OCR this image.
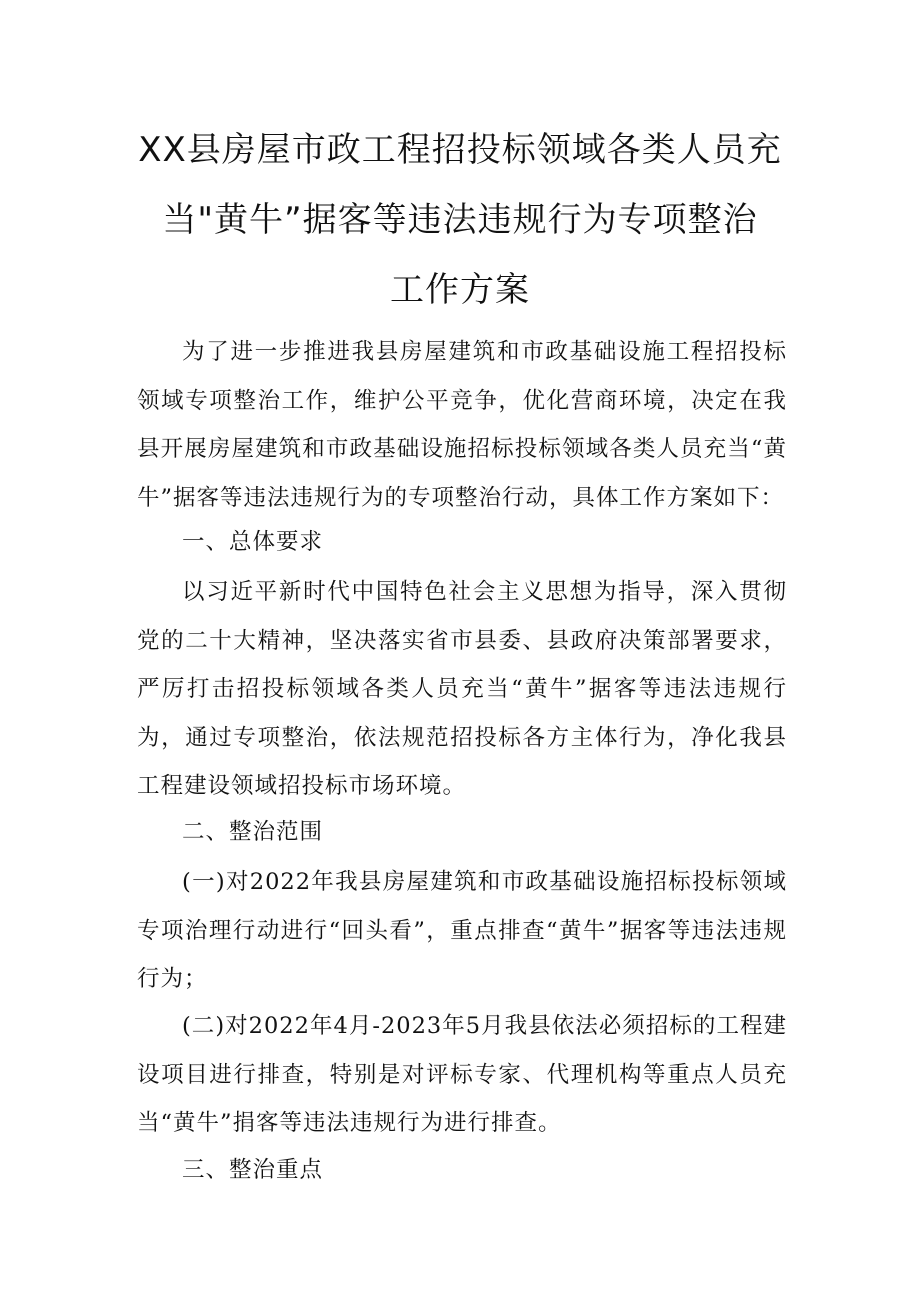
XX县房屋市政工程招投标领域各类人员充
当"黄牛”据客等违法违规行为专项整治
工作方案

为了进一步推进我县房屋建筑和市政基础设施工程招投标领域专项整治工作，维护公平竞争，优化营商环境，决定在我县开展房屋建筑和市政基础设施招标投标领域各类人员充当“黄牛”据客等违法违规行为的专项整治行动，具体工作方案如下：

一、总体要求

以习近平新时代中国特色社会主义思想为指导，深入贯彻党的二十大精神，坚决落实省市县委、县政府决策部署要求，严厉打击招投标领域各类人员充当“黄牛”据客等违法违规行为，通过专项整治，依法规范招投标各方主体行为，净化我县工程建设领域招投标市场环境。

二、整治范围

(一)对2022年我县房屋建筑和市政基础设施招标投标领域专项治理行动进行“回头看”，重点排查“黄牛”据客等违法违规行为；

(二)对2022年4月-2023年5月我县依法必须招标的工程建设项目进行排查，特别是对评标专家、代理机构等重点人员充当“黄牛”捐客等违法违规行为进行排查。

三、整治重点
